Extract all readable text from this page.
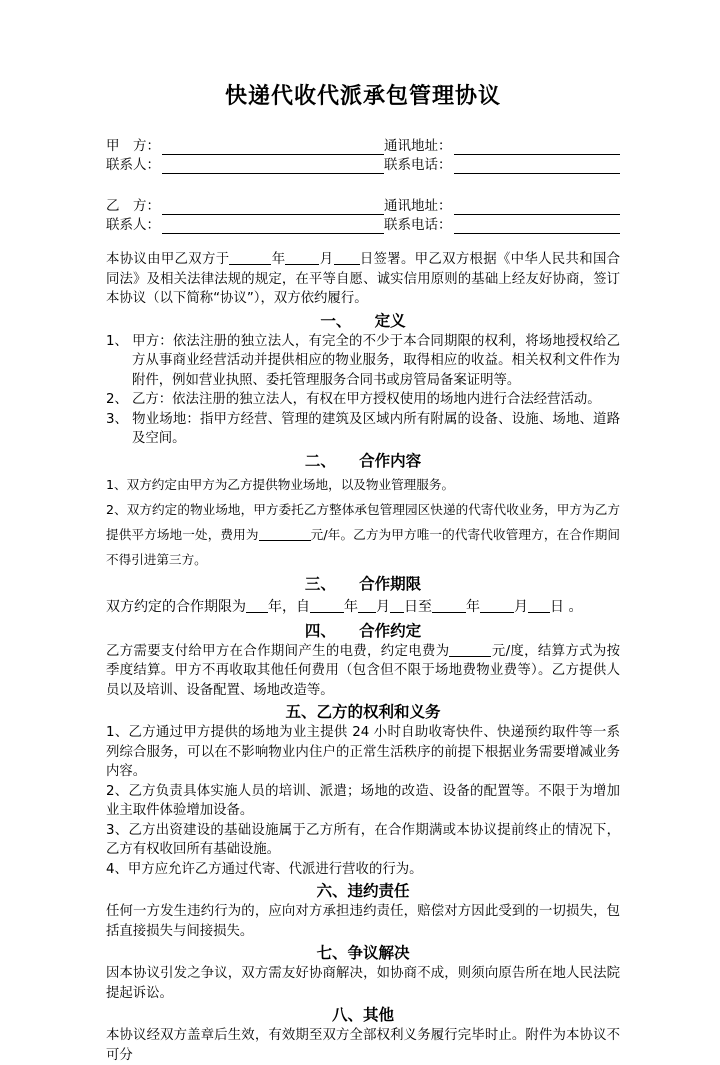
快递代收代派承包管理协议
甲　方：	通讯地址：
联系人：	联系电话：
乙　方：	通讯地址：
联系人：	联系电话：

本协议由甲乙双方于	年	月 日签署。甲乙双方根据《中华人民共和国合同法》及相关法律法规的规定，在平等自愿、诚实信用原则的基础上经友好协商，签订本协议（以下简称“协议”），双方依约履行。

一、　　定义
1、 甲方：依法注册的独立法人，有完全的不少于本合同期限的权利，将场地授权给乙方从事商业经营活动并提供相应的物业服务，取得相应的收益。相关权利文件作为附件，例如营业执照、委托管理服务合同书或房管局备案证明等。
2、 乙方：依法注册的独立法人，有权在甲方授权使用的场地内进行合法经营活动。
3、 物业场地：指甲方经营、管理的建筑及区域内所有附属的设备、设施、场地、道路及空间。
二、　　合作内容
1、双方约定由甲方为乙方提供物业场地，以及物业管理服务。
2、双方约定的物业场地，甲方委托乙方整体承包管理园区快递的代寄代收业务，甲方为乙方提供平方场地一处，费用为	元/年。乙方为甲方唯一的代寄代收管理方，在合作期间不得引进第三方。
三、　　合作期限

双方约定的合作期限为 年，自 年 月 日至 年 月 日 。

四、　　合作约定

乙方需要支付给甲方在合作期间产生的电费，约定电费为	元/度，结算方式为按季度结算。甲方不再收取其他任何费用（包含但不限于场地费物业费等）。乙方提供人员以及培训、设备配置、场地改造等。

五、乙方的权利和义务
1、乙方通过甲方提供的场地为业主提供 24 小时自助收寄快件、快递预约取件等一系列综合服务，可以在不影响物业内住户的正常生活秩序的前提下根据业务需要增减业务内容。
2、乙方负责具体实施人员的培训、派遣；场地的改造、设备的配置等。不限于为增加业主取件体验增加设备。
3、乙方出资建设的基础设施属于乙方所有，在合作期满或本协议提前终止的情况下，乙方有权收回所有基础设施。
4、甲方应允许乙方通过代寄、代派进行营收的行为。
六、违约责任

任何一方发生违约行为的，应向对方承担违约责任，赔偿对方因此受到的一切损失，包括直接损失与间接损失。

七、争议解决

因本协议引发之争议，双方需友好协商解决，如协商不成，则须向原告所在地人民法院提起诉讼。

八、其他

本协议经双方盖章后生效，有效期至双方全部权利义务履行完毕时止。附件为本协议不可分
